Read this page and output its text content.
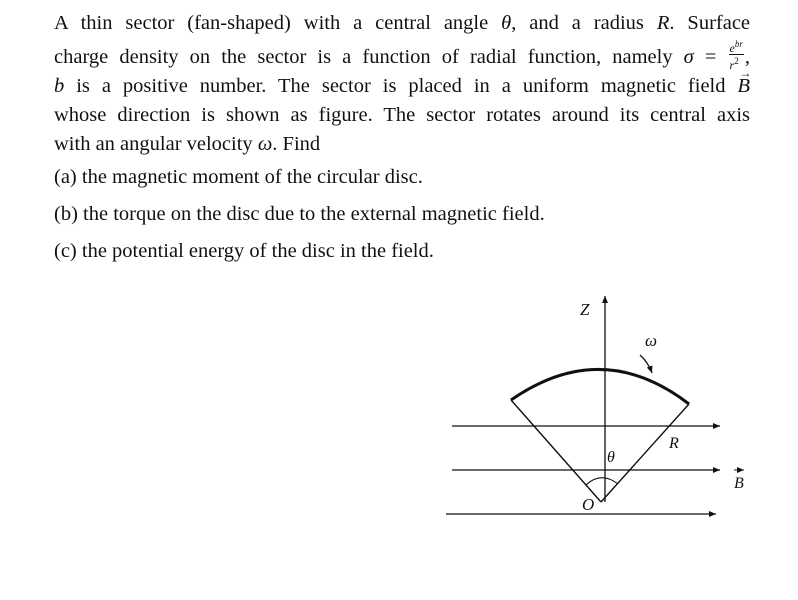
A thin sector (fan-shaped) with a central angle θ, and a radius R. Surface
charge density on the sector is a function of radial function, namely $\sigma = \frac{e^{br}}{r^2}$ ,
b is a positive number. The sector is placed in a uniform magnetic field → B
whose direction is shown as figure. The sector rotates around its central axis
with an angular velocity ω. Find

(a) the magnetic moment of the circular disc.
(b) the torque on the disc due to the external magnetic field.
(c) the potential energy of the disc in the field.
Z
ω
θ
R
O
B
